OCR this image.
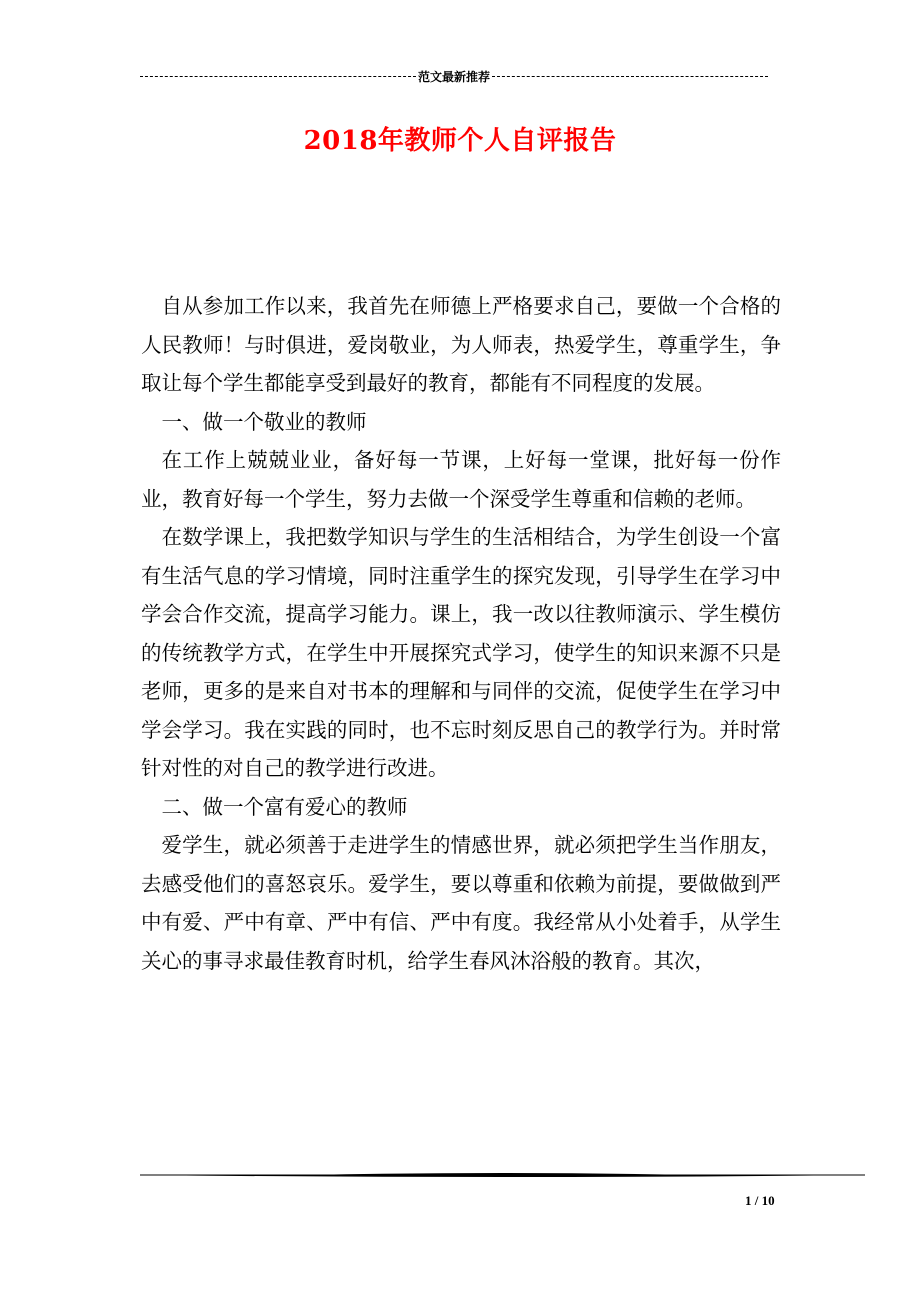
范文最新推荐
2018年教师个人自评报告

自从参加工作以来，我首先在师德上严格要求自己，要做一个合格的人民教师！与时俱进，爱岗敬业，为人师表，热爱学生，尊重学生，争取让每个学生都能享受到最好的教育，都能有不同程度的发展。

一、做一个敬业的教师

在工作上兢兢业业，备好每一节课，上好每一堂课，批好每一份作业，教育好每一个学生，努力去做一个深受学生尊重和信赖的老师。

在数学课上，我把数学知识与学生的生活相结合，为学生创设一个富有生活气息的学习情境，同时注重学生的探究发现，引导学生在学习中学会合作交流，提高学习能力。课上，我一改以往教师演示、学生模仿的传统教学方式，在学生中开展探究式学习，使学生的知识来源不只是老师，更多的是来自对书本的理解和与同伴的交流，促使学生在学习中学会学习。我在实践的同时，也不忘时刻反思自己的教学行为。并时常针对性的对自己的教学进行改进。

二、做一个富有爱心的教师

爱学生，就必须善于走进学生的情感世界，就必须把学生当作朋友，去感受他们的喜怒哀乐。爱学生，要以尊重和依赖为前提，要做做到严中有爱、严中有章、严中有信、严中有度。我经常从小处着手，从学生关心的事寻求最佳教育时机，给学生春风沐浴般的教育。其次，

1 / 10
